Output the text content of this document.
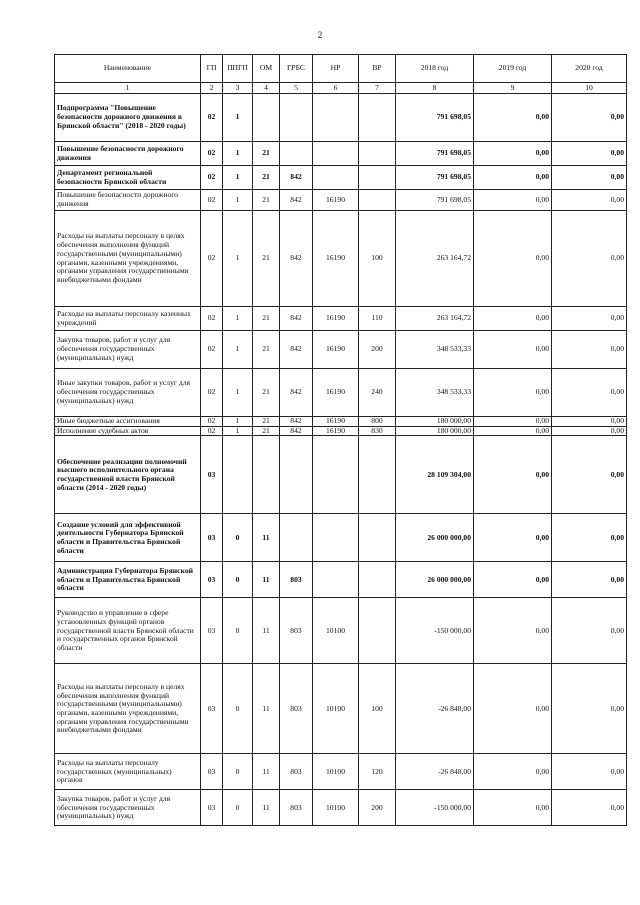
2
Наименование	ГП	ППГП	ОМ	ГРБС	НР	ВР	2018 год	2019 год	2020 год
1	2	3	4	5	6	7	8	9	10
Подпрограмма "Повышение безопасности дорожного движения в Брянской области" (2018 - 2020 годы)	02	1					791 698,05	0,00	0,00
Повышение безопасности дорожного движения	02	1	21				791 698,05	0,00	0,00
Департамент региональной безопасности Брянской области	02	1	21	842			791 698,05	0,00	0,00
Повышение безопасности дорожного движения	02	1	21	842	16190		791 698,05	0,00	0,00
Расходы на выплаты персоналу в целях обеспечения выполнения функций государственными (муниципальными) органами, казенными учреждениями, органами управления государственными внебюджетными фондами	02	1	21	842	16190	100	263 164,72	0,00	0,00
Расходы на выплаты персоналу казенных учреждений	02	1	21	842	16190	110	263 164,72	0,00	0,00
Закупка товаров, работ и услуг для обеспечения государственных (муниципальных) нужд	02	1	21	842	16190	200	348 533,33	0,00	0,00
Иные закупки товаров, работ и услуг для обеспечения государственных (муниципальных) нужд	02	1	21	842	16190	240	348 533,33	0,00	0,00
Иные бюджетные ассигнования	02	1	21	842	16190	800	180 000,00	0,00	0,00
Исполнение судебных актов	02	1	21	842	16190	830	180 000,00	0,00	0,00
Обеспечение реализации полномочий высшего исполнительного органа государственной власти Брянской области (2014 - 2020 годы)	03						28 109 304,00	0,00	0,00
Создание условий для эффективной деятельности Губернатора Брянской области и Правительства Брянской области	03	0	11				26 000 000,00	0,00	0,00
Администрация Губернатора Брянской области и Правительства Брянской области	03	0	11	803			26 000 000,00	0,00	0,00
Руководство и управление в сфере установленных функций органов государственной власти Брянской области и государственных органов Брянской области	03	0	11	803	10100		-150 000,00	0,00	0,00
Расходы на выплаты персоналу в целях обеспечения выполнения функций государственными (муниципальными) органами, казенными учреждениями, органами управления государственными внебюджетными фондами	03	0	11	803	10100	100	-26 848,00	0,00	0,00
Расходы на выплаты персоналу государственных (муниципальных) органов	03	0	11	803	10100	120	-26 848,00	0,00	0,00
Закупка товаров, работ и услуг для обеспечения государственных (муниципальных) нужд	03	0	11	803	10100	200	-150 000,00	0,00	0,00
